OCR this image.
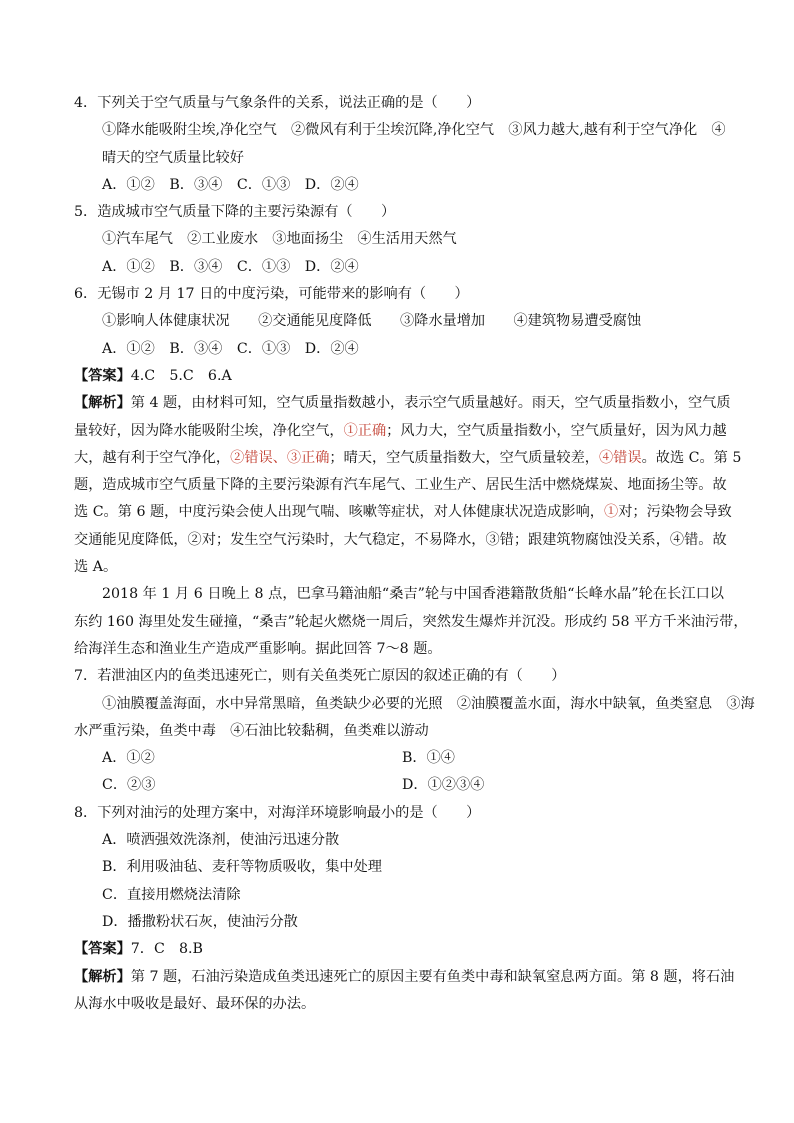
4．下列关于空气质量与气象条件的关系，说法正确的是（　　）
①降水能吸附尘埃,净化空气　②微风有利于尘埃沉降,净化空气　③风力越大,越有利于空气净化　④
晴天的空气质量比较好
A．①② B．③④ C．①③ D．②④
5．造成城市空气质量下降的主要污染源有（　　）
①汽车尾气　②工业废水　③地面扬尘　④生活用天然气
A．①② B．③④ C．①③ D．②④
6．无锡市 2 月 17 日的中度污染，可能带来的影响有（　　）
①影响人体健康状况　　②交通能见度降低　　③降水量增加　　④建筑物易遭受腐蚀
A．①② B．③④ C．①③ D．②④
【答案】4.C　5.C　6.A
【解析】第 4 题，由材料可知，空气质量指数越小，表示空气质量越好。雨天，空气质量指数小，空气质
量较好，因为降水能吸附尘埃，净化空气，①正确；风力大，空气质量指数小，空气质量好，因为风力越
大，越有利于空气净化，②错误、③正确；晴天，空气质量指数大，空气质量较差，④错误。故选 C。第 5
题，造成城市空气质量下降的主要污染源有汽车尾气、工业生产、居民生活中燃烧煤炭、地面扬尘等。故
选 C。第 6 题，中度污染会使人出现气喘、咳嗽等症状，对人体健康状况造成影响，①对；污染物会导致
交通能见度降低，②对；发生空气污染时，大气稳定，不易降水，③错；跟建筑物腐蚀没关系，④错。故
选 A。
2018 年 1 月 6 日晚上 8 点，巴拿马籍油船“桑吉”轮与中国香港籍散货船“长峰水晶”轮在长江口以
东约 160 海里处发生碰撞，“桑吉”轮起火燃烧一周后，突然发生爆炸并沉没。形成约 58 平方千米油污带，
给海洋生态和渔业生产造成严重影响。据此回答 7～8 题。
7．若泄油区内的鱼类迅速死亡，则有关鱼类死亡原因的叙述正确的有（　　）
①油膜覆盖海面，水中异常黑暗，鱼类缺少必要的光照　②油膜覆盖水面，海水中缺氧，鱼类窒息　③海
水严重污染，鱼类中毒　④石油比较黏稠，鱼类难以游动
A．①②	B．①④
C．②③	D．①②③④
8．下列对油污的处理方案中，对海洋环境影响最小的是（　　）
A．喷洒强效洗涤剂，使油污迅速分散
B．利用吸油毡、麦秆等物质吸收，集中处理
C．直接用燃烧法清除
D．播撒粉状石灰，使油污分散
【答案】7．C　8.B
【解析】第 7 题，石油污染造成鱼类迅速死亡的原因主要有鱼类中毒和缺氧窒息两方面。第 8 题，将石油
从海水中吸收是最好、最环保的办法。
